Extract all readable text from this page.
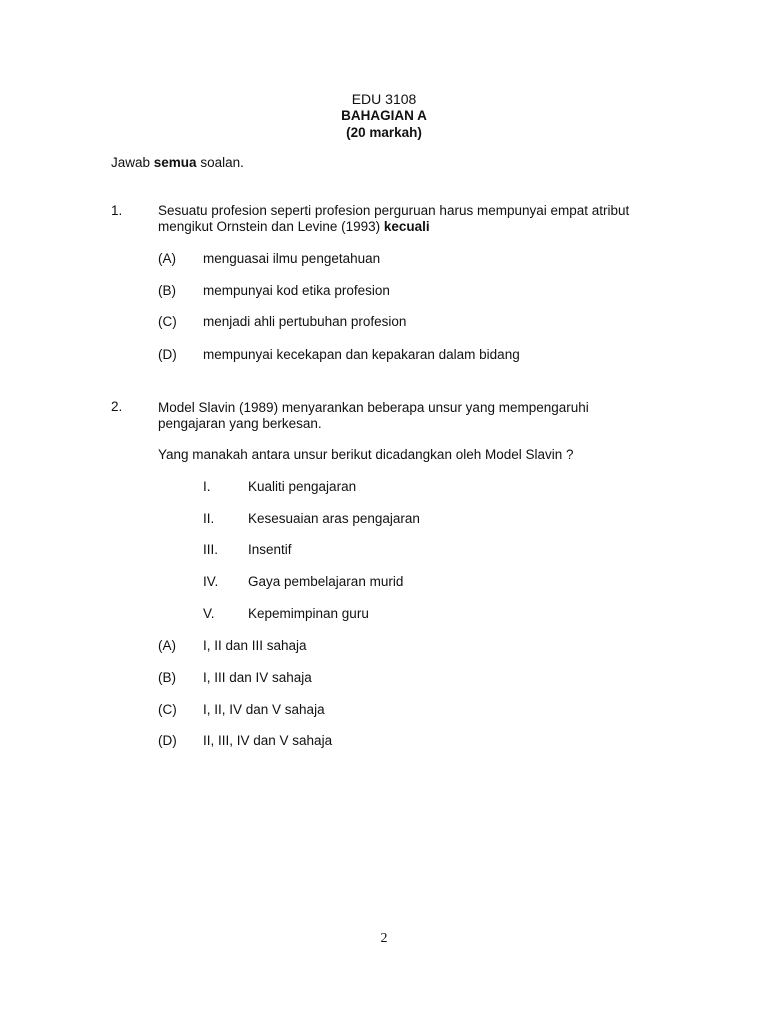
EDU 3108
BAHAGIAN A
(20 markah)
Jawab semua soalan.
1.	Sesuatu profesion seperti profesion perguruan harus mempunyai empat atribut
mengikut Ornstein dan Levine (1993) kecuali
(A) menguasai ilmu pengetahuan
(B) mempunyai kod etika profesion
(C) menjadi ahli pertubuhan profesion
(D) mempunyai kecekapan dan kepakaran dalam bidang
2.	Model Slavin (1989) menyarankan beberapa unsur yang mempengaruhi
pengajaran yang berkesan.
Yang manakah antara unsur berikut dicadangkan oleh Model Slavin ?
I.	Kualiti pengajaran
II. Kesesuaian aras pengajaran
III. Insentif
IV. Gaya pembelajaran murid
V. Kepemimpinan guru
(A) I, II dan III sahaja
(B) I, III dan IV sahaja
(C) I, II, IV dan V sahaja
(D) II, III, IV dan V sahaja
2
